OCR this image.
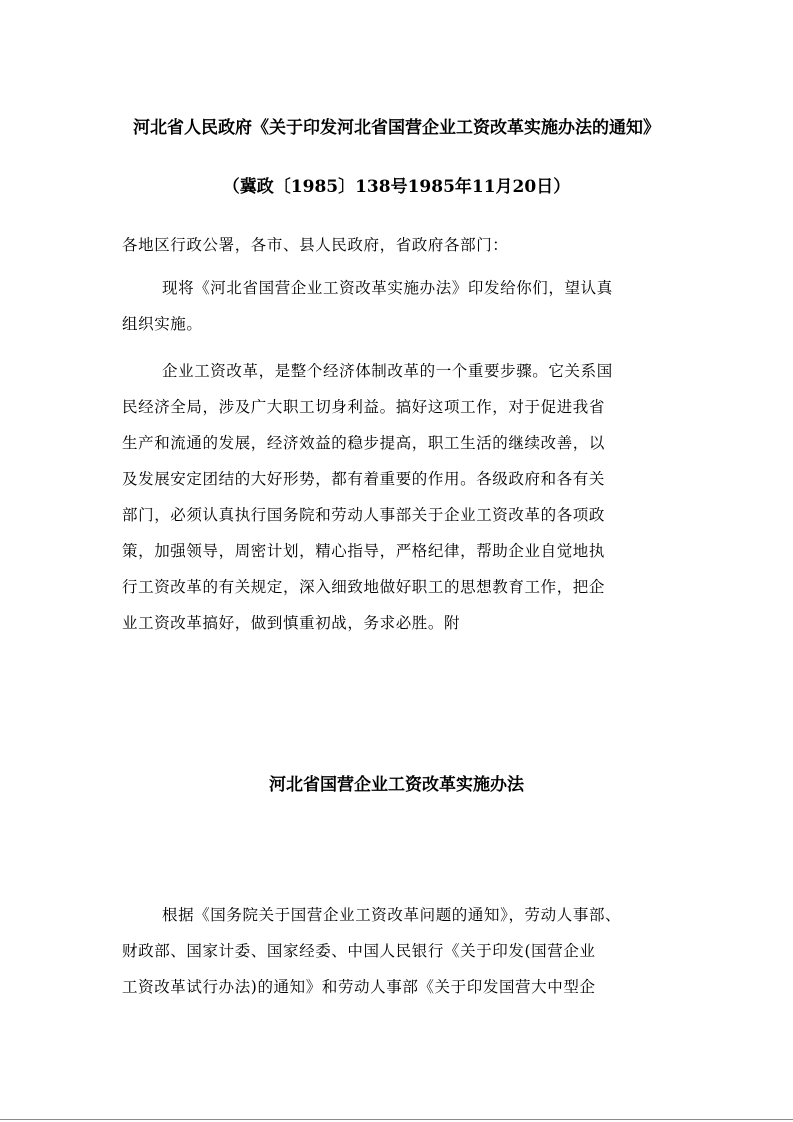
河北省人民政府《关于印发河北省国营企业工资改革实施办法的通知》
（冀政〔1985〕138号1985年11月20日）
各地区行政公署，各市、县人民政府，省政府各部门：
现将《河北省国营企业工资改革实施办法》印发给你们，望认真
组织实施。
企业工资改革，是整个经济体制改革的一个重要步骤。它关系国
民经济全局，涉及广大职工切身利益。搞好这项工作，对于促进我省
生产和流通的发展，经济效益的稳步提高，职工生活的继续改善，以
及发展安定团结的大好形势，都有着重要的作用。各级政府和各有关
部门，必须认真执行国务院和劳动人事部关于企业工资改革的各项政
策，加强领导，周密计划，精心指导，严格纪律，帮助企业自觉地执
行工资改革的有关规定，深入细致地做好职工的思想教育工作，把企
业工资改革搞好，做到慎重初战，务求必胜。附
河北省国营企业工资改革实施办法
根据《国务院关于国营企业工资改革问题的通知》，劳动人事部、
财政部、国家计委、国家经委、中国人民银行《关于印发(国营企业
工资改革试行办法)的通知》和劳动人事部《关于印发国营大中型企
